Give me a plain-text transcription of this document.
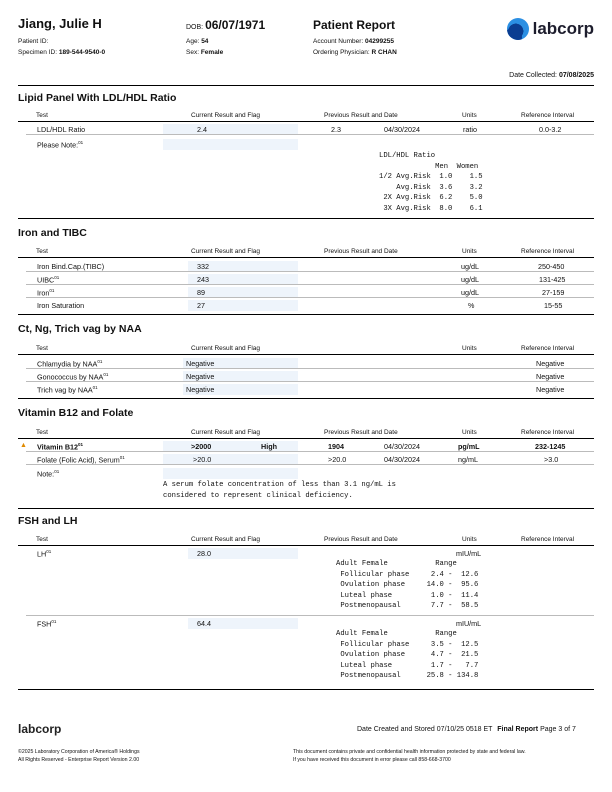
Jiang, Julie H
Patient ID:
Specimen ID: 189-544-9540-0
DOB: 06/07/1971
Age: 54
Sex: Female
Patient Report
Account Number: 04299255
Ordering Physician: R CHAN
labcorp
Date Collected: 07/08/2025
Lipid Panel With LDL/HDL Ratio
Test	Current Result and Flag	Previous Result and Date	Units	Reference Interval
LDL/HDL Ratio	2.4	2.3	04/30/2024	ratio	0.0-3.2
Please Note:$^{01}$
LDL/HDL Ratio
Men  Women
1/2 Avg.Risk  1.0    1.5
Avg.Risk  3.6    3.2
2X Avg.Risk  6.2    5.0
3X Avg.Risk  8.0    6.1
Iron and TIBC
Test	Current Result and Flag	Previous Result and Date	Units	Reference Interval
Iron Bind.Cap.(TIBC)	332	ug/dL	250-450
UIBC$^{01}$	243	ug/dL	131-425
Iron$^{01}$	89	ug/dL	27-159
Iron Saturation	27	%	15-55
Ct, Ng, Trich vag by NAA
Test	Current Result and Flag	Units	Reference Interval
Chlamydia by NAA$^{01}$	Negative	Negative
Gonococcus by NAA$^{01}$	Negative	Negative
Trich vag by NAA$^{01}$	Negative	Negative
Vitamin B12 and Folate
Test	Current Result and Flag	Previous Result and Date	Units	Reference Interval
▲ Vitamin $B12^{01}$	>2000	High	1904	04/30/2024	pg/mL	232-1245
Folate (Folic Acid), Serum$^{01}$	>20.0	>20.0	04/30/2024	ng/mL	>3.0
Note:$^{01}$
A serum folate concentration of less than 3.1 ng/mL is
considered to represent clinical deficiency.
FSH and LH
Test	Current Result and Flag	Previous Result and Date	Units	Reference Interval
LH$^{01}$	28.0	mIU/mL
Adult Female           Range
Follicular phase     2.4 -  12.6
Ovulation phase     14.0 -  95.6
Luteal phase         1.0 -  11.4
Postmenopausal       7.7 -  58.5
FSH$^{01}$	64.4	mIU/mL
Adult Female           Range
Follicular phase     3.5 -  12.5
Ovulation phase      4.7 -  21.5
Luteal phase         1.7 -   7.7
Postmenopausal      25.8 - 134.8
labcorp	Date Created and Stored 07/10/25 0518 ET Final Report Page 3 of 7
©2025 Laboratory Corporation of America® Holdings
All Rights Reserved - Enterprise Report Version 2.00
This document contains private and confidential health information protected by state and federal law.
If you have received this document in error please call 858-668-3700
